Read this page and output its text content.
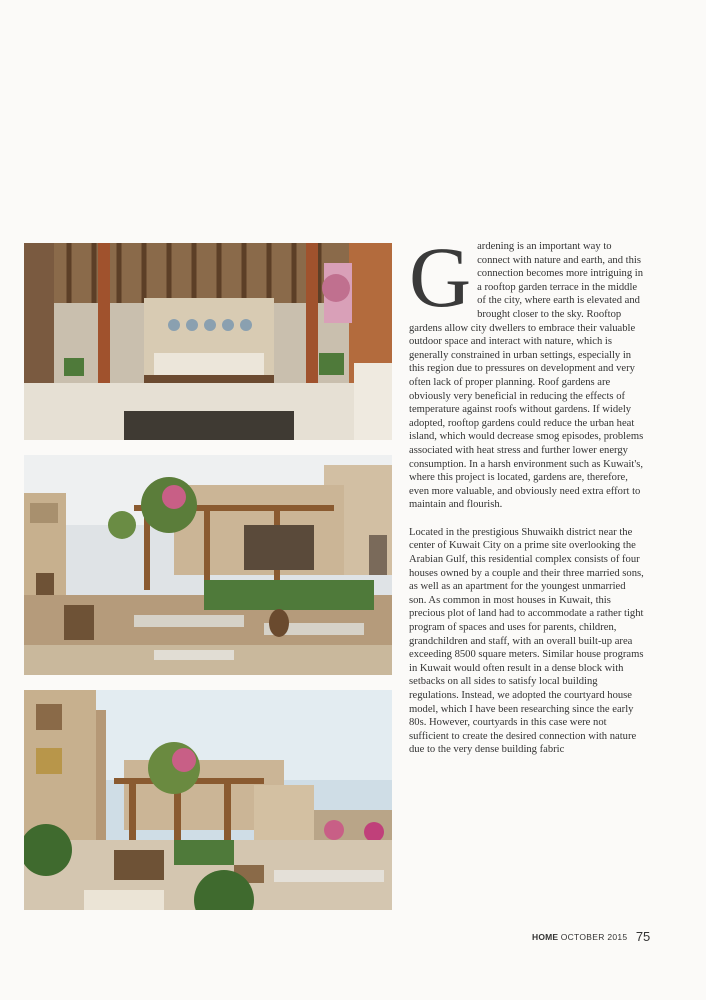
Gardening is an important way to connect with nature and earth, and this connection becomes more intriguing in a rooftop garden terrace in the middle of the city, where earth is elevated and brought closer to the sky. Rooftop gardens allow city dwellers to embrace their valuable outdoor space and interact with nature, which is generally constrained in urban settings, especially in this region due to pressures on development and very often lack of proper planning. Roof gardens are obviously very beneficial in reducing the effects of temperature against roofs without gardens. If widely adopted, rooftop gardens could reduce the urban heat island, which would decrease smog episodes, problems associated with heat stress and further lower energy consumption. In a harsh environment such as Kuwait's, where this project is located, gardens are, therefore, even more valuable, and obviously need extra effort to maintain and flourish.

Located in the prestigious Shuwaikh district near the center of Kuwait City on a prime site overlooking the Arabian Gulf, this residential complex consists of four houses owned by a couple and their three married sons, as well as an apartment for the youngest unmarried son. As common in most houses in Kuwait, this precious plot of land had to accommodate a rather tight program of spaces and uses for parents, children, grandchildren and staff, with an overall built-up area exceeding 8500 square meters. Similar house programs in Kuwait would often result in a dense block with setbacks on all sides to satisfy local building regulations. Instead, we adopted the courtyard house model, which I have been researching since the early 80s. However, courtyards in this case were not sufficient to create the desired connection with nature due to the very dense building fabric

HOME OCTOBER 2015 75
